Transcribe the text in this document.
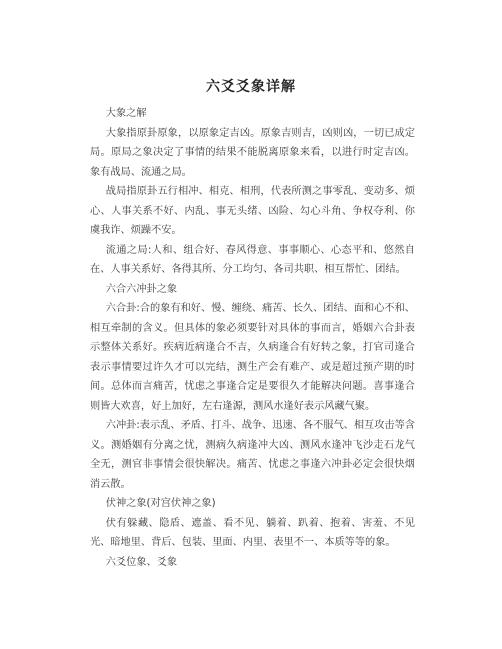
六爻爻象详解

大象之解

大象指原卦原象，以原象定吉凶。原象吉则吉，凶则凶，一切已成定局。原局之象决定了事情的结果不能脱离原象来看，以进行时定吉凶。象有战局、流通之局。

战局指原卦五行相冲、相克、相刑，代表所测之事零乱、变动多、烦心、人事关系不好、内乱、事无头绪、凶险、勾心斗角、争权夺利、你虞我诈、烦躁不安。

流通之局:人和、组合好、春风得意、事事顺心、心态平和、悠然自在、人事关系好、各得其所、分工均匀、各司共职、相互帮忙、团结。

六合六冲卦之象

六合卦:合的象有和好、慢、缠绕、痛苦、长久、团结、面和心不和、相互牵制的含义。但具体的象必须要针对具体的事而言，婚姻六合卦表示整体关系好。疾病近病逢合不吉，久病逢合有好转之象，打官司逢合表示事情要过许久才可以完结，测生产会有难产、或是超过预产期的时间。总体而言痛苦，忧虑之事逢合定是要很久才能解决问题。喜事逢合则皆大欢喜，好上加好，左右逢源，测风水逢好表示风藏气聚。

六冲卦:表示乱、矛盾、打斗、战争、迅速、各不服气、相互攻击等含义。测婚姻有分离之忧，测病久病逢冲大凶、测风水逢冲飞沙走石龙气全无，测官非事情会很快解决。痛苦、忧虑之事逢六冲卦必定会很快烟消云散。

伏神之象(对宫伏神之象)

伏有躲藏、隐盾、遮盖、看不见、躺着、趴着、抱着、害羞、不见光、暗地里、背后、包装、里面、内里、表里不一、本质等等的象。

六爻位象、爻象
